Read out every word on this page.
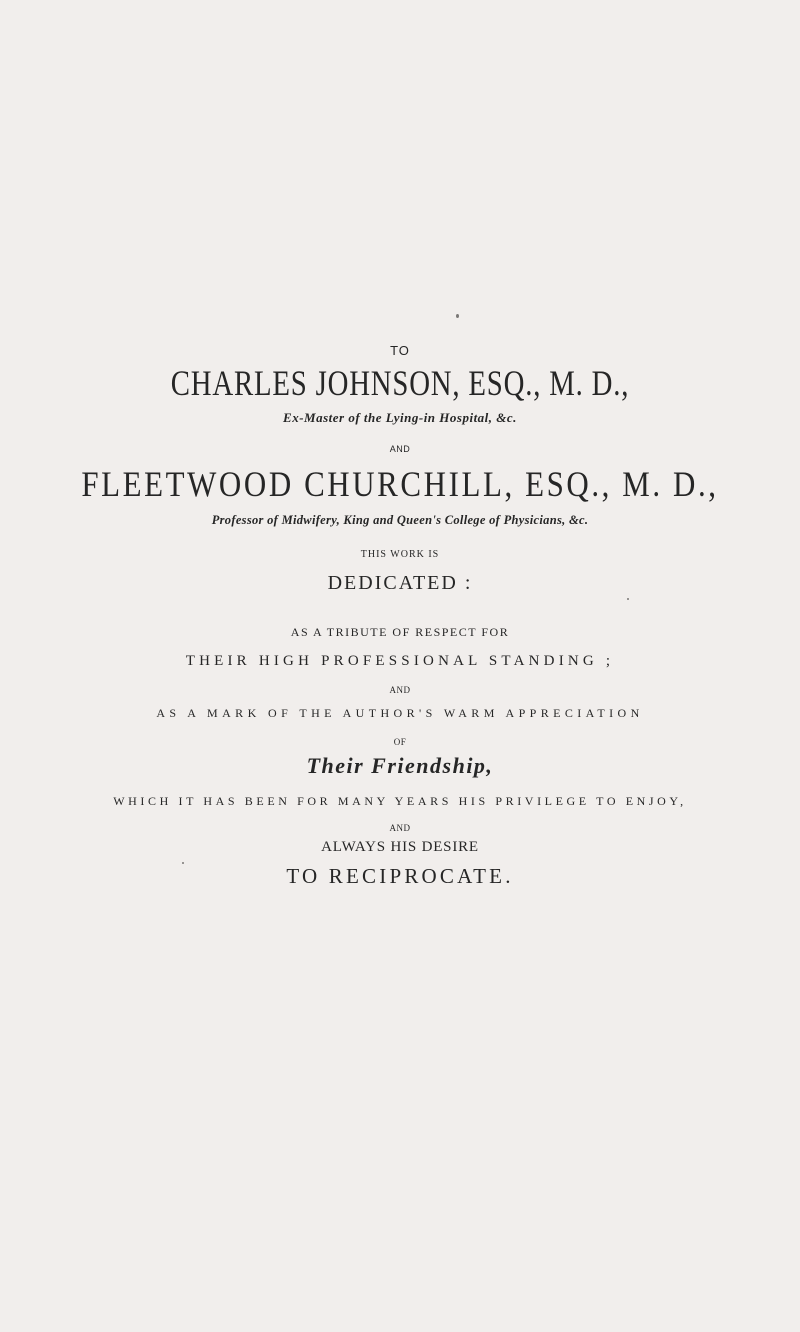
TO
CHARLES JOHNSON, ESQ., M. D.,
Ex-Master of the Lying-in Hospital, &c.
AND
FLEETWOOD CHURCHILL, ESQ., M. D.,
Professor of Midwifery, King and Queen's College of Physicians, &c.
THIS WORK IS
DEDICATED :
AS A TRIBUTE OF RESPECT FOR
THEIR HIGH PROFESSIONAL STANDING ;
AND
AS A MARK OF THE AUTHOR'S WARM APPRECIATION
OF
Their Friendship,
WHICH IT HAS BEEN FOR MANY YEARS HIS PRIVILEGE TO ENJOY,
AND
ALWAYS HIS DESIRE
TO RECIPROCATE.
